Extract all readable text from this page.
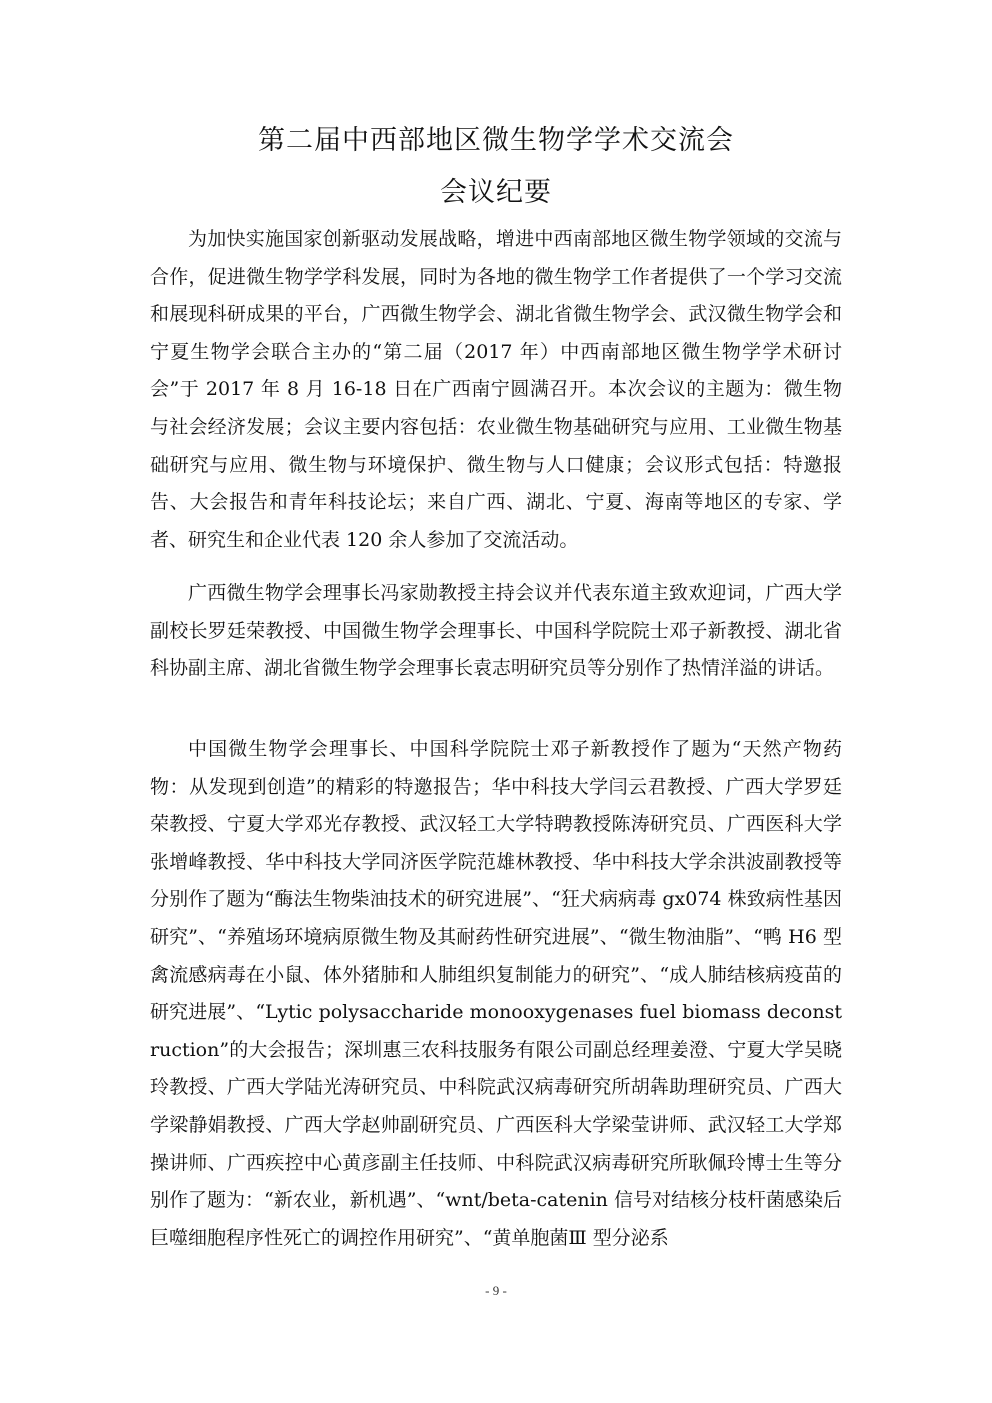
第二届中西部地区微生物学学术交流会
会议纪要

为加快实施国家创新驱动发展战略，增进中西南部地区微生物学领域的交流与合作，促进微生物学学科发展，同时为各地的微生物学工作者提供了一个学习交流和展现科研成果的平台，广西微生物学会、湖北省微生物学会、武汉微生物学会和宁夏生物学会联合主办的“第二届（2017 年）中西南部地区微生物学学术研讨会”于 2017 年 8 月 16-18 日在广西南宁圆满召开。本次会议的主题为：微生物与社会经济发展；会议主要内容包括：农业微生物基础研究与应用、工业微生物基础研究与应用、微生物与环境保护、微生物与人口健康；会议形式包括：特邀报告、大会报告和青年科技论坛；来自广西、湖北、宁夏、海南等地区的专家、学者、研究生和企业代表 120 余人参加了交流活动。

广西微生物学会理事长冯家勋教授主持会议并代表东道主致欢迎词，广西大学副校长罗廷荣教授、中国微生物学会理事长、中国科学院院士邓子新教授、湖北省科协副主席、湖北省微生物学会理事长袁志明研究员等分别作了热情洋溢的讲话。

中国微生物学会理事长、中国科学院院士邓子新教授作了题为“天然产物药物：从发现到创造”的精彩的特邀报告；华中科技大学闫云君教授、广西大学罗廷荣教授、宁夏大学邓光存教授、武汉轻工大学特聘教授陈涛研究员、广西医科大学张增峰教授、华中科技大学同济医学院范雄林教授、华中科技大学余洪波副教授等分别作了题为“酶法生物柴油技术的研究进展”、“狂犬病病毒 gx074 株致病性基因研究”、“养殖场环境病原微生物及其耐药性研究进展”、“微生物油脂”、“鸭 H6 型禽流感病毒在小鼠、体外猪肺和人肺组织复制能力的研究”、“成人肺结核病疫苗的研究进展”、“Lytic polysaccharide monooxygenases fuel biomass deconstruction”的大会报告；深圳惠三农科技服务有限公司副总经理姜澄、宁夏大学吴晓玲教授、广西大学陆光涛研究员、中科院武汉病毒研究所胡犇助理研究员、广西大学梁静娟教授、广西大学赵帅副研究员、广西医科大学梁莹讲师、武汉轻工大学郑操讲师、广西疾控中心黄彦副主任技师、中科院武汉病毒研究所耿佩玲博士生等分别作了题为：“新农业，新机遇”、“wnt/beta-catenin 信号对结核分枝杆菌感染后巨噬细胞程序性死亡的调控作用研究”、“黄单胞菌Ⅲ 型分泌系

- 9 -
